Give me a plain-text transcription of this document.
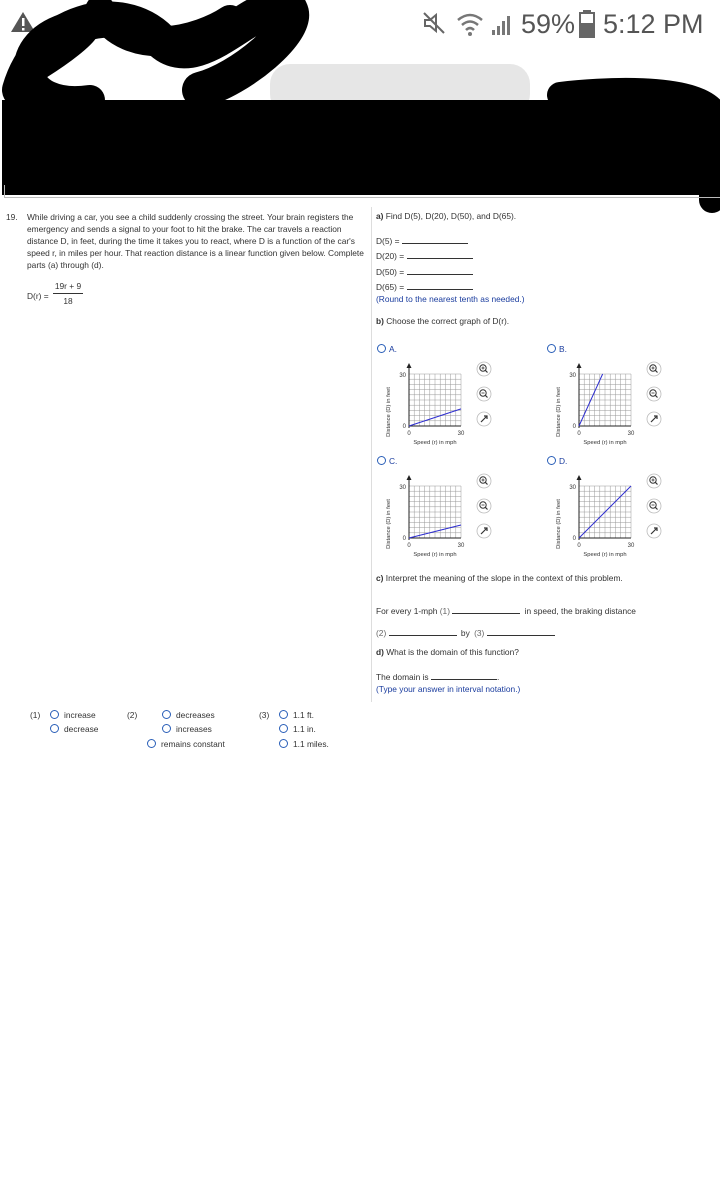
59% 5:12 PM
19. While driving a car, you see a child suddenly crossing the street. Your brain registers the emergency and sends a signal to your foot to hit the brake. The car travels a reaction distance D, in feet, during the time it takes you to react, where D is a function of the car's speed r, in miles per hour. That reaction distance is a linear function given below. Complete parts (a) through (d).
D(r) =
19r + 9
18
a) Find D(5), D(20), D(50), and D(65).
D(5) =
D(20) =
D(50) =
D(65) =
(Round to the nearest tenth as needed.)
b) Choose the correct graph of D(r).
A.	B.
C.	D.
30
0
0	30
Speed (r) in mph
Distance (D) in feet
30
0
0	30
Speed (r) in mph
Distance (D) in feet
30
0
0	30
Speed (r) in mph
Distance (D) in feet
30
0
0	30
Speed (r) in mph
Distance (D) in feet
c) Interpret the meaning of the slope in the context of this problem.
For every 1-mph (1)	in speed, the braking distance
(2)	by (3)
d) What is the domain of this function?
The domain is	.
(Type your answer in interval notation.)
(1)	increase
decrease
(2)	decreases
increases
remains constant
(3)	1.1 ft.
1.1 in.
1.1 miles.
